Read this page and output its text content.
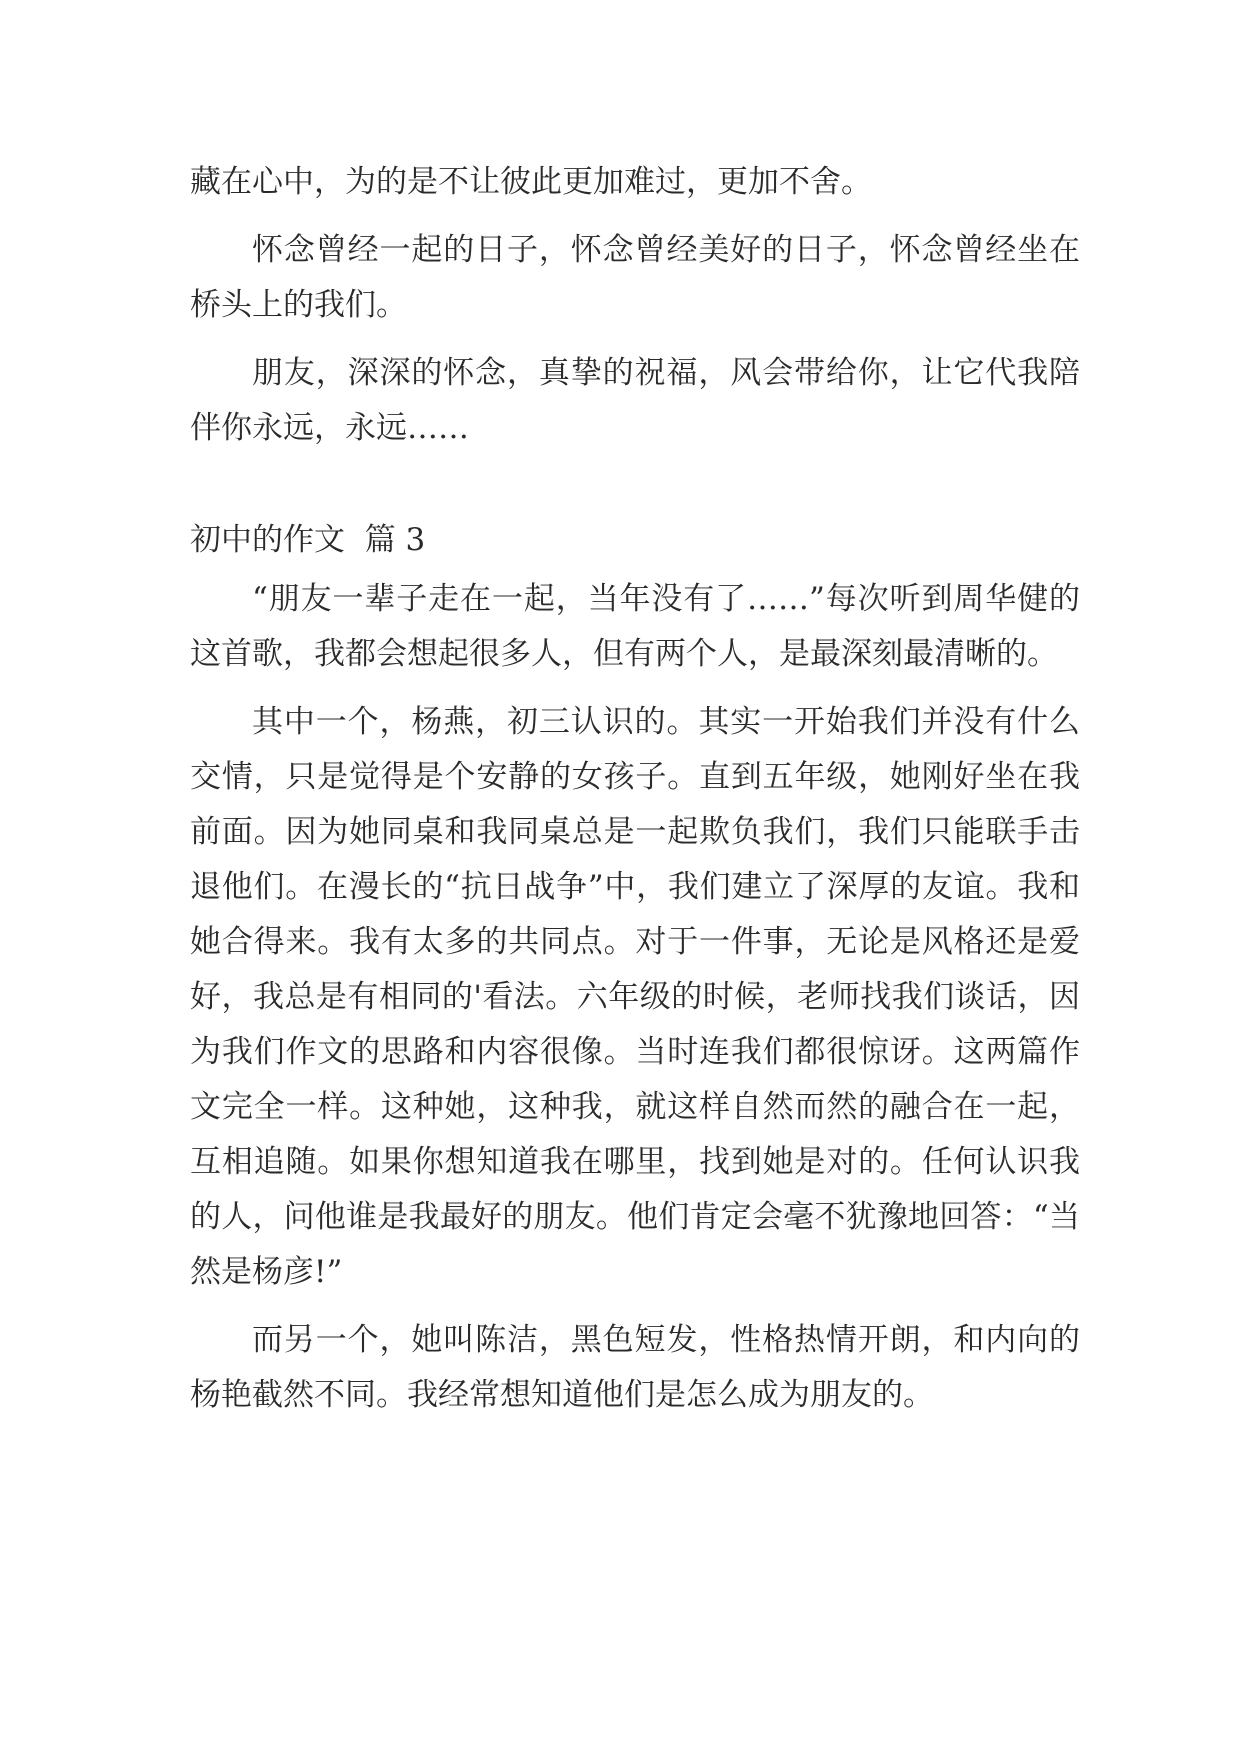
藏在心中，为的是不让彼此更加难过，更加不舍。

怀念曾经一起的日子，怀念曾经美好的日子，怀念曾经坐在桥头上的我们。

朋友，深深的怀念，真挚的祝福，风会带给你，让它代我陪伴你永远，永远……

初中的作文  篇 3

“朋友一辈子走在一起，当年没有了……”每次听到周华健的这首歌，我都会想起很多人，但有两个人，是最深刻最清晰的。

其中一个，杨燕，初三认识的。其实一开始我们并没有什么交情，只是觉得是个安静的女孩子。直到五年级，她刚好坐在我前面。因为她同桌和我同桌总是一起欺负我们，我们只能联手击退他们。在漫长的“抗日战争”中，我们建立了深厚的友谊。我和她合得来。我有太多的共同点。对于一件事，无论是风格还是爱好，我总是有相同的'看法。六年级的时候，老师找我们谈话，因为我们作文的思路和内容很像。当时连我们都很惊讶。这两篇作文完全一样。这种她，这种我，就这样自然而然的融合在一起，互相追随。如果你想知道我在哪里，找到她是对的。任何认识我的人，问他谁是我最好的朋友。他们肯定会毫不犹豫地回答：“当然是杨彦!”

而另一个，她叫陈洁，黑色短发，性格热情开朗，和内向的杨艳截然不同。我经常想知道他们是怎么成为朋友的。
